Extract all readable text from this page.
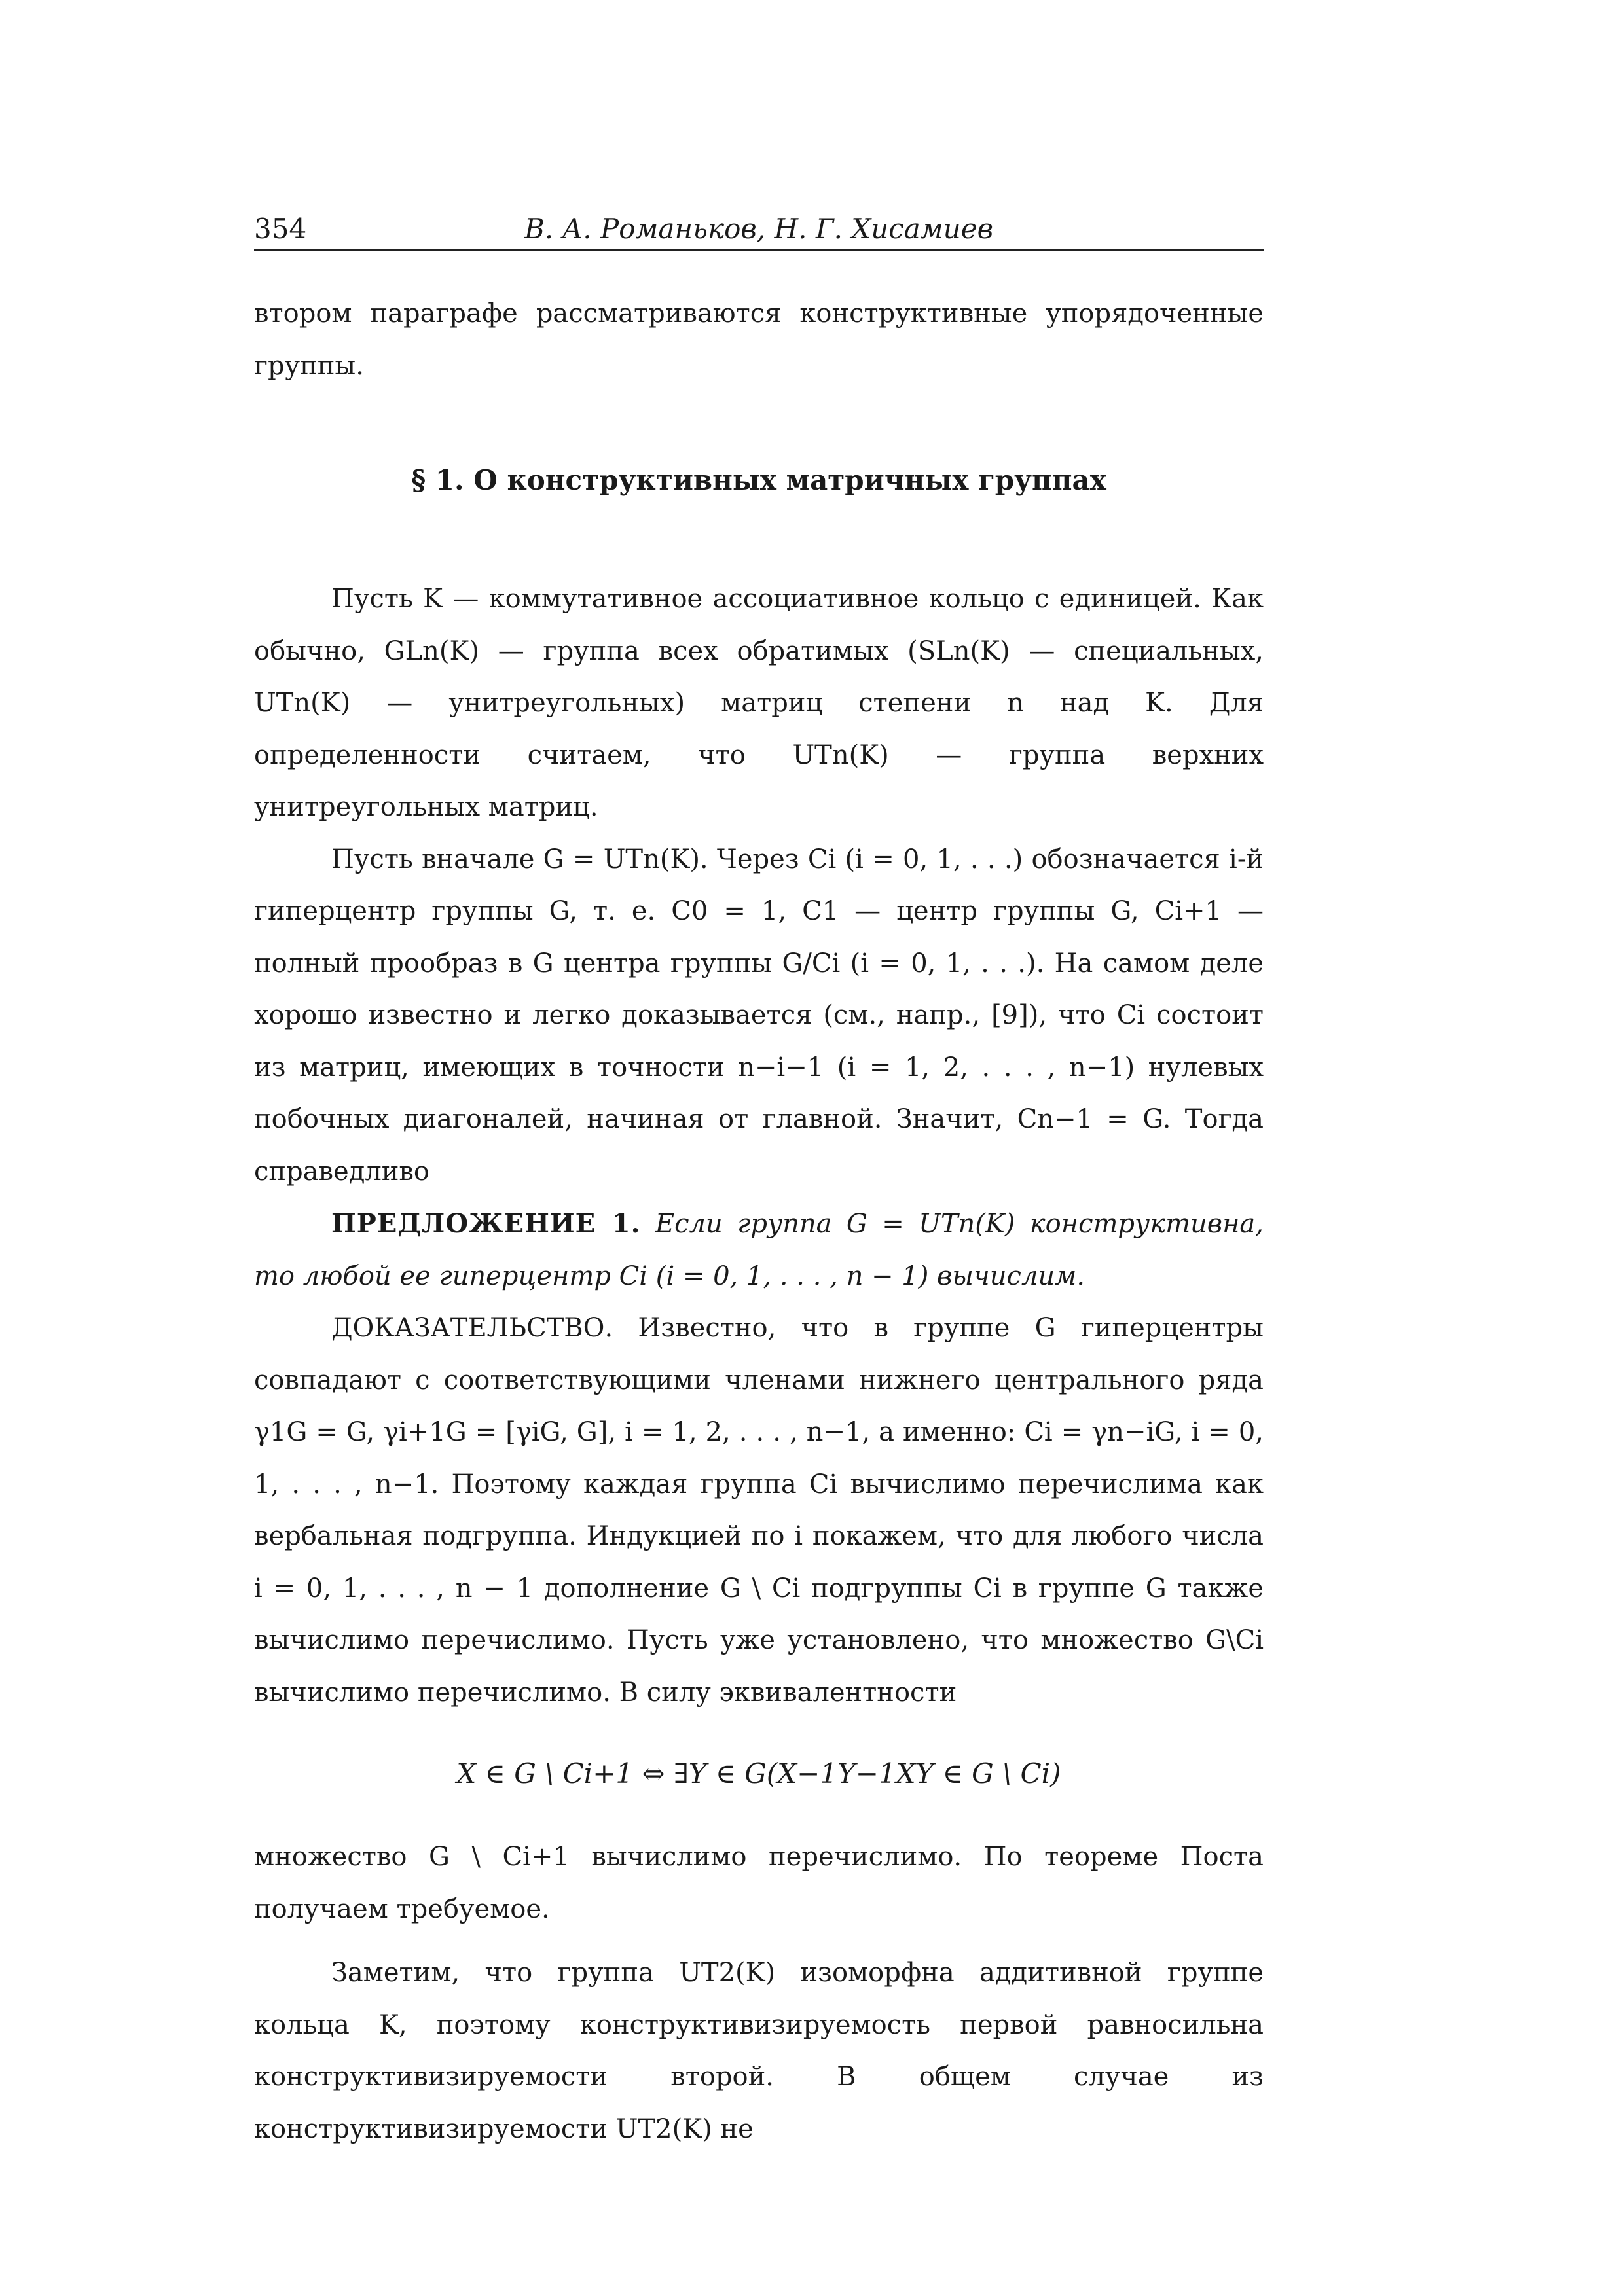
354	В. А. Романьков, Н. Г. Хисамиев

втором параграфе рассматриваются конструктивные упорядоченные группы.

§ 1. О конструктивных матричных группах

Пусть K — коммутативное ассоциативное кольцо с единицей. Как обычно, GLn(K) — группа всех обратимых (SLn(K) — специальных, UTn(K) — унитреугольных) матриц степени n над K. Для определенности считаем, что UTn(K) — группа верхних унитреугольных матриц.

Пусть вначале G = UTn(K). Через Ci (i = 0, 1, . . .) обозначается i-й гиперцентр группы G, т. е. C0 = 1, C1 — центр группы G, Ci+1 — полный прообраз в G центра группы G/Ci (i = 0, 1, . . .). На самом деле хорошо известно и легко доказывается (см., напр., [9]), что Ci состоит из матриц, имеющих в точности n−i−1 (i = 1, 2, . . . , n−1) нулевых побочных диагоналей, начиная от главной. Значит, Cn−1 = G. Тогда справедливо

ПРЕДЛОЖЕНИЕ 1. Если группа G = UTn(K) конструктивна, то любой ее гиперцентр Ci (i = 0, 1, . . . , n − 1) вычислим.

ДОКАЗАТЕЛЬСТВО. Известно, что в группе G гиперцентры совпадают с соответствующими членами нижнего центрального ряда γ1G = G, γi+1G = [γiG, G], i = 1, 2, . . . , n−1, а именно: Ci = γn−iG, i = 0, 1, . . . , n−1. Поэтому каждая группа Ci вычислимо перечислима как вербальная подгруппа. Индукцией по i покажем, что для любого числа i = 0, 1, . . . , n − 1 дополнение G \ Ci подгруппы Ci в группе G также вычислимо перечислимо. Пусть уже установлено, что множество G\Ci вычислимо перечислимо. В силу эквивалентности

X ∈ G \ Ci+1 ⇔ ∃Y ∈ G(X−1Y−1XY ∈ G \ Ci)

множество G \ Ci+1 вычислимо перечислимо. По теореме Поста получаем требуемое.

Заметим, что группа UT2(K) изоморфна аддитивной группе кольца K, поэтому конструктивизируемость первой равносильна конструктивизируемости второй. В общем случае из конструктивизируемости UT2(K) не
